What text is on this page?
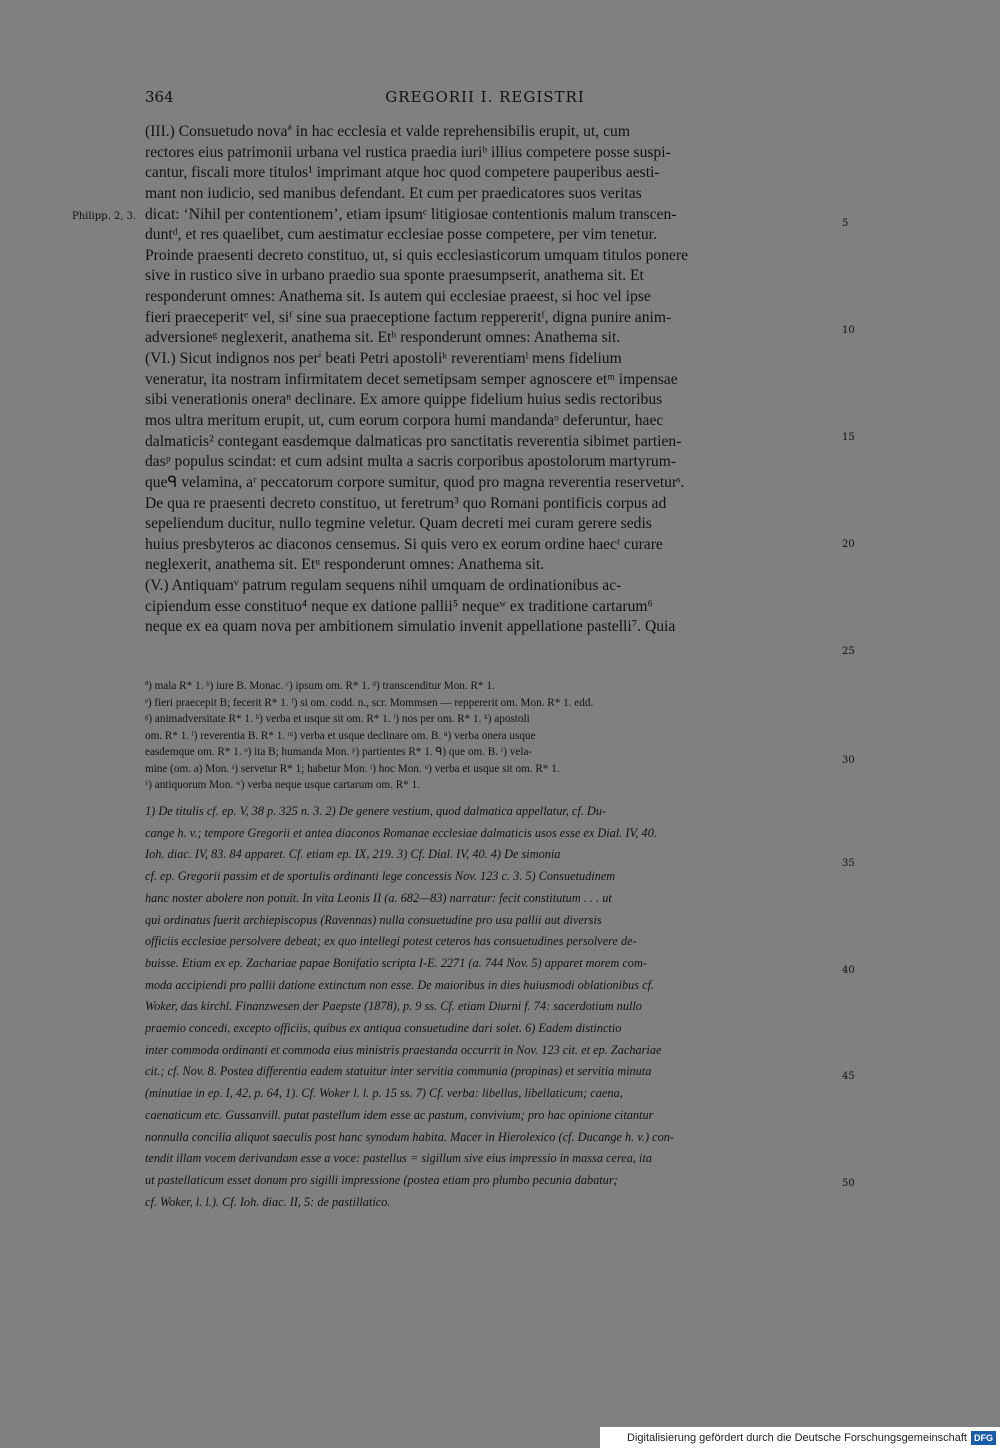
364	GREGORII I. REGISTRI
Philipp. 2, 3.
(III.) Consuetudo novaª in hac ecclesia et valde reprehensibilis erupit, ut, cum
rectores eius patrimonii urbana vel rustica praedia iuriᵇ illius competere posse suspi-
cantur, fiscali more titulos¹ imprimant atque hoc quod competere pauperibus aesti-
mant non iudicio, sed manibus defendant. Et cum per praedicatores suos veritas
dicat: ‘Nihil per contentionem’, etiam ipsumᶜ litigiosae contentionis malum transcen-
duntᵈ, et res quaelibet, cum aestimatur ecclesiae posse competere, per vim tenetur.
Proinde praesenti decreto constituo, ut, si quis ecclesiasticorum umquam titulos ponere
sive in rustico sive in urbano praedio sua sponte praesumpserit, anathema sit. Et
responderunt omnes: Anathema sit. Is autem qui ecclesiae praeest, si hoc vel ipse
fieri praeceperitᵉ vel, siᶠ sine sua praeceptione factum reppereritᶠ, digna punire anim-
adversioneᵍ neglexerit, anathema sit. Etʰ responderunt omnes: Anathema sit.
(VI.) Sicut indignos nos perⁱ beati Petri apostoliᵏ reverentiamˡ mens fidelium
veneratur, ita nostram infirmitatem decet semetipsam semper agnoscere etᵐ impensae
sibi venerationis oneraⁿ declinare. Ex amore quippe fidelium huius sedis rectoribus
mos ultra meritum erupit, ut, cum eorum corpora humi mandandaᵒ deferuntur, haec
dalmaticis² contegant easdemque dalmaticas pro sanctitatis reverentia sibimet partien-
dasᵖ populus scindat: et cum adsint multa a sacris corporibus apostolorum martyrum-
queᑫ velamina, aʳ peccatorum corpore sumitur, quod pro magna reverentia reserveturˢ.
De qua re praesenti decreto constituo, ut feretrum³ quo Romani pontificis corpus ad
sepeliendum ducitur, nullo tegmine veletur. Quam decreti mei curam gerere sedis
huius presbyteros ac diaconos censemus. Si quis vero ex eorum ordine haecᵗ curare
neglexerit, anathema sit. Etᵘ responderunt omnes: Anathema sit.
(V.) Antiquamᵛ patrum regulam sequens nihil umquam de ordinationibus ac-
cipiendum esse constituo⁴ neque ex datione pallii⁵ nequeʷ ex traditione cartarum⁶
neque ex ea quam nova per ambitionem simulatio invenit appellatione pastelli⁷. Quia
5
10
15
20
25
30
35
40
45
50
ª) mala R* 1. ᵇ) iure B. Monac. ᶜ) ipsum om. R* 1. ᵈ) transcenditur Mon. R* 1.
ᵉ) fieri praecepit B; fecerit R* 1. ᶠ) si om. codd. n., scr. Mommsen — reppererit om. Mon. R* 1. edd.
ᵍ) animadversitate R* 1. ʰ) verba et usque sit om. R* 1. ⁱ) nos per om. R* 1. ᵏ) apostoli
om. R* 1. ˡ) reverentia B. R* 1. ᵐ) verba et usque declinare om. B. ⁿ) verba onera usque
easdemque om. R* 1. ᵒ) ita B; humanda Mon. ᵖ) partientes R* 1. ᑫ) que om. B. ʳ) vela-
mine (om. a) Mon. ˢ) servetur R* 1; habetur Mon. ᵗ) hoc Mon. ᵘ) verba et usque sit om. R* 1.
ᵛ) antiquorum Mon. ʷ) verba neque usque cartarum om. R* 1.
1) De titulis cf. ep. V, 38 p. 325 n. 3. 2) De genere vestium, quod dalmatica appellatur, cf. Du-
cange h. v.; tempore Gregorii et antea diaconos Romanae ecclesiae dalmaticis usos esse ex Dial. IV, 40.
Ioh. diac. IV, 83. 84 apparet. Cf. etiam ep. IX, 219. 3) Cf. Dial. IV, 40. 4) De simonia
cf. ep. Gregorii passim et de sportulis ordinanti lege concessis Nov. 123 c. 3. 5) Consuetudinem
hanc noster abolere non potuit. In vita Leonis II (a. 682—83) narratur: fecit constitutum . . . ut
qui ordinatus fuerit archiepiscopus (Ravennas) nulla consuetudine pro usu pallii aut diversis
officiis ecclesiae persolvere debeat; ex quo intellegi potest ceteros has consuetudines persolvere de-
buisse. Etiam ex ep. Zachariae papae Bonifatio scripta I-E. 2271 (a. 744 Nov. 5) apparet morem com-
moda accipiendi pro pallii datione extinctum non esse. De maioribus in dies huiusmodi oblationibus cf.
Woker, das kirchl. Finanzwesen der Paepste (1878), p. 9 ss. Cf. etiam Diurni f. 74: sacerdotium nullo
praemio concedi, excepto officiis, quibus ex antiqua consuetudine dari solet. 6) Eadem distinctio
inter commoda ordinanti et commoda eius ministris praestanda occurrit in Nov. 123 cit. et ep. Zachariae
cit.; cf. Nov. 8. Postea differentia eadem statuitur inter servitia communia (propinas) et servitia minuta
(minutiae in ep. I, 42, p. 64, 1). Cf. Woker l. l. p. 15 ss. 7) Cf. verba: libellus, libellaticum; caena,
caenaticum etc. Gussanvill. putat pastellum idem esse ac pastum, convivium; pro hac opinione citantur
nonnulla concilia aliquot saeculis post hanc synodum habita. Macer in Hierolexico (cf. Ducange h. v.) con-
tendit illam vocem derivandam esse a voce: pastellus = sigillum sive eius impressio in massa cerea, ita
ut pastellaticum esset donum pro sigilli impressione (postea etiam pro plumbo pecunia dabatur;
cf. Woker, l. l.). Cf. Ioh. diac. II, 5: de pastillatico.
Digitalisierung gefördert durch die Deutsche Forschungsgemeinschaft DFG
